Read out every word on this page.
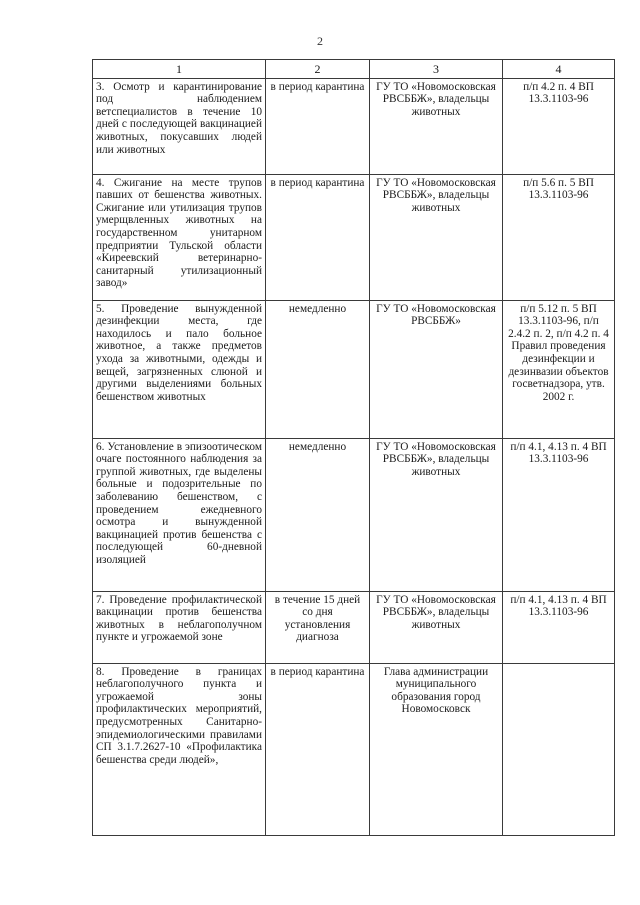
2
1	2	3	4
3. Осмотр и карантинирование под наблюдением ветспециалистов в течение 10 дней с последующей вакцинацией животных, покусавших людей или животных	в период карантина	ГУ ТО «Новомосковская РВСББЖ», владельцы животных	п/п 4.2 п. 4 ВП 13.3.1103-96
4. Сжигание на месте трупов павших от бешенства животных. Сжигание или утилизация трупов умерщвленных животных на государственном унитарном предприятии Тульской области «Киреевский ветеринарно-санитарный утилизационный завод»	в период карантина	ГУ ТО «Новомосковская РВСББЖ», владельцы животных	п/п 5.6 п. 5 ВП 13.3.1103-96
5. Проведение вынужденной дезинфекции места, где находилось и пало больное животное, а также предметов ухода за животными, одежды и вещей, загрязненных слюной и другими выделениями больных бешенством животных	немедленно	ГУ ТО «Новомосковская РВСББЖ»	п/п 5.12 п. 5 ВП 13.3.1103-96, п/п 2.4.2 п. 2, п/п 4.2 п. 4 Правил проведения дезинфекции и дезинвазии объектов госветнадзора, утв. 2002 г.
6. Установление в эпизоотическом очаге постоянного наблюдения за группой животных, где выделены больные и подозрительные по заболеванию бешенством, с проведением ежедневного осмотра и вынужденной вакцинацией против бешенства с последующей 60-дневной изоляцией	немедленно	ГУ ТО «Новомосковская РВСББЖ», владельцы животных	п/п 4.1, 4.13 п. 4 ВП 13.3.1103-96
7. Проведение профилактической вакцинации против бешенства животных в неблагополучном пункте и угрожаемой зоне	в течение 15 дней со дня установления диагноза	ГУ ТО «Новомосковская РВСББЖ», владельцы животных	п/п 4.1, 4.13 п. 4 ВП 13.3.1103-96
8. Проведение в границах неблагополучного пункта и угрожаемой зоны профилактических мероприятий, предусмотренных Санитарно-эпидемиологическими правилами СП 3.1.7.2627-10 «Профилактика бешенства среди людей»,	в период карантина	Глава администрации муниципального образования город Новомосковск	
